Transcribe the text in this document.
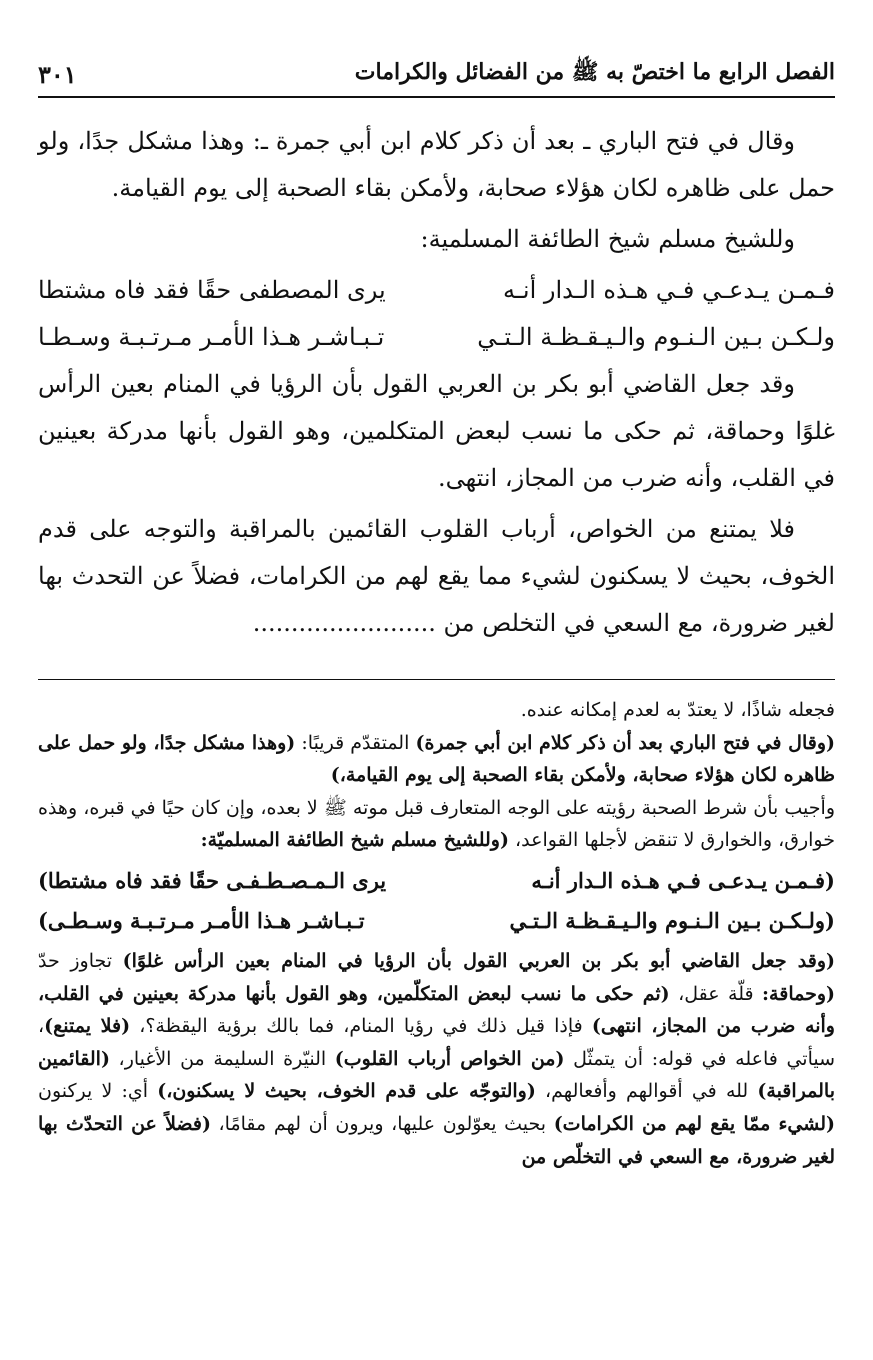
الفصل الرابع ما اختصّ به ﷺ من الفضائل والكرامات
٣٠١

وقال في فتح الباري ـ بعد أن ذكر كلام ابن أبي جمرة ـ: وهذا مشكل جدًا، ولو حمل على ظاهره لكان هؤلاء صحابة، ولأمكن بقاء الصحبة إلى يوم القيامة.

وللشيخ مسلم شيخ الطائفة المسلمية:

فـمـن يـدعـي فـي هـذه الـدار أنـه
يرى المصطفى حقًا فقد فاه مشتطا
ولـكـن بـين الـنـوم والـيـقـظـة الـتـي
تـبـاشـر هـذا الأمـر مـرتـبـة وسـطـا

وقد جعل القاضي أبو بكر بن العربي القول بأن الرؤيا في المنام بعين الرأس غلوًا وحماقة، ثم حكى ما نسب لبعض المتكلمين، وهو القول بأنها مدركة بعينين في القلب، وأنه ضرب من المجاز، انتهى.

فلا يمتنع من الخواص، أرباب القلوب القائمين بالمراقبة والتوجه على قدم الخوف، بحيث لا يسكنون لشيء مما يقع لهم من الكرامات، فضلاً عن التحدث بها لغير ضرورة، مع السعي في التخلص من ........................

فجعله شاذًا، لا يعتدّ به لعدم إمكانه عنده.

(وقال في فتح الباري بعد أن ذكر كلام ابن أبي جمرة) المتقدّم قريبًا: (وهذا مشكل جدًا، ولو حمل على ظاهره لكان هؤلاء صحابة، ولأمكن بقاء الصحبة إلى يوم القيامة،)

وأجيب بأن شرط الصحبة رؤيته على الوجه المتعارف قبل موته ﷺ لا بعده، وإن كان حيًا في قبره، وهذه خوارق، والخوارق لا تنقض لأجلها القواعد، (وللشيخ مسلم شيخ الطائفة المسلميّة:

(فـمـن يـدعـى فـي هـذه الـدار أنـه
يرى الـمـصـطـفـى حقًا فقد فاه مشتطا)
(ولـكـن بـين الـنـوم والـيـقـظـة الـتـي
تـبـاشـر هـذا الأمـر مـرتـبـة وسـطـى)

(وقد جعل القاضي أبو بكر بن العربي القول بأن الرؤيا في المنام بعين الرأس غلوًا) تجاوز حدّ (وحماقة: قلّة عقل، (ثم حكى ما نسب لبعض المتكلّمين، وهو القول بأنها مدركة بعينين في القلب، وأنه ضرب من المجاز، انتهى) فإذا قيل ذلك في رؤيا المنام، فما بالك برؤية اليقظة؟، (فلا يمتنع)، سيأتي فاعله في قوله: أن يتمثّل (من الخواص أرباب القلوب) النيّرة السليمة من الأغيار، (القائمين بالمراقبة) لله في أقوالهم وأفعالهم، (والتوجّه على قدم الخوف، بحيث لا يسكنون،) أي: لا يركنون (لشيء ممّا يقع لهم من الكرامات) بحيث يعوّلون عليها، ويرون أن لهم مقامًا، (فضلاً عن التحدّث بها لغير ضرورة، مع السعي في التخلّص من
